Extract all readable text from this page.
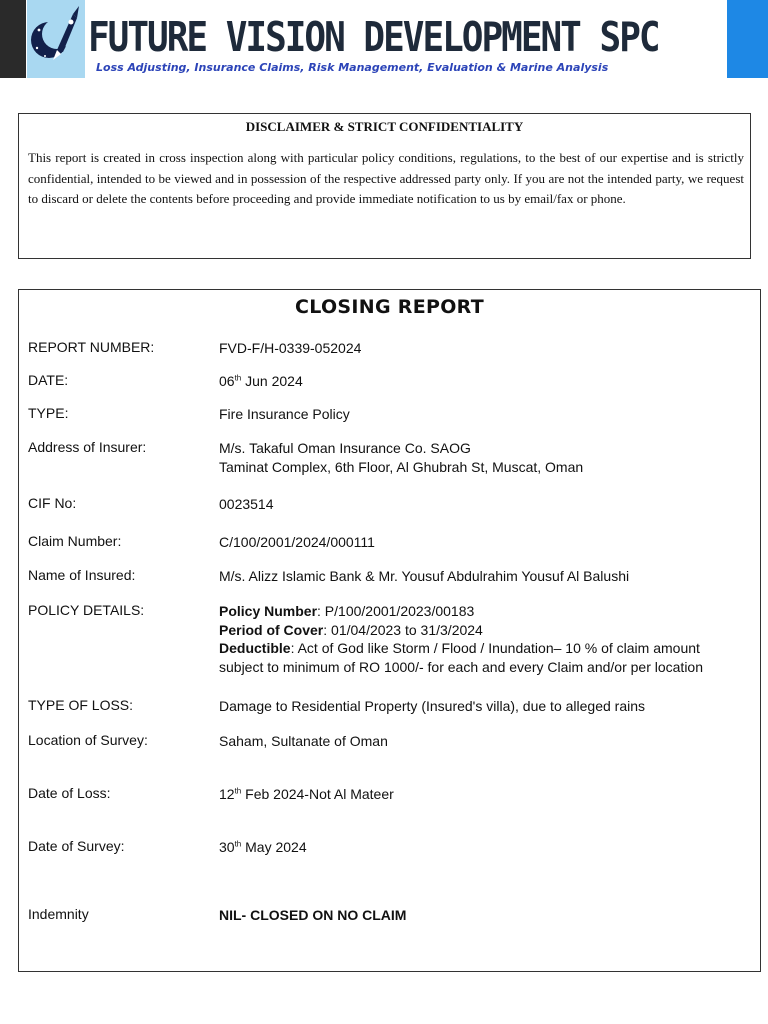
FUTURE VISION DEVELOPMENT SPC
Loss Adjusting, Insurance Claims, Risk Management, Evaluation & Marine Analysis
DISCLAIMER & STRICT CONFIDENTIALITY
This report is created in cross inspection along with particular policy conditions, regulations, to the best of our expertise and is strictly confidential, intended to be viewed and in possession of the respective addressed party only. If you are not the intended party, we request to discard or delete the contents before proceeding and provide immediate notification to us by email/fax or phone.
CLOSING REPORT
REPORT NUMBER:	FVD-F/H-0339-052024
DATE:	06th Jun 2024
TYPE:	Fire Insurance Policy
Address of Insurer:	M/s. Takaful Oman Insurance Co. SAOG
Taminat Complex, 6th Floor, Al Ghubrah St, Muscat, Oman
CIF No:	0023514
Claim Number:	C/100/2001/2024/000111
Name of Insured:	M/s. Alizz Islamic Bank & Mr. Yousuf Abdulrahim Yousuf Al Balushi
POLICY DETAILS:	Policy Number: P/100/2001/2023/00183
Period of Cover: 01/04/2023 to 31/3/2024
Deductible: Act of God like Storm / Flood / Inundation– 10 % of claim amount
subject to minimum of RO 1000/- for each and every Claim and/or per location
TYPE OF LOSS:	Damage to Residential Property (Insured's villa), due to alleged rains
Location of Survey:	Saham, Sultanate of Oman
Date of Loss:	12th Feb 2024-Not Al Mateer
Date of Survey:	30th May 2024
Indemnity	NIL- CLOSED ON NO CLAIM
